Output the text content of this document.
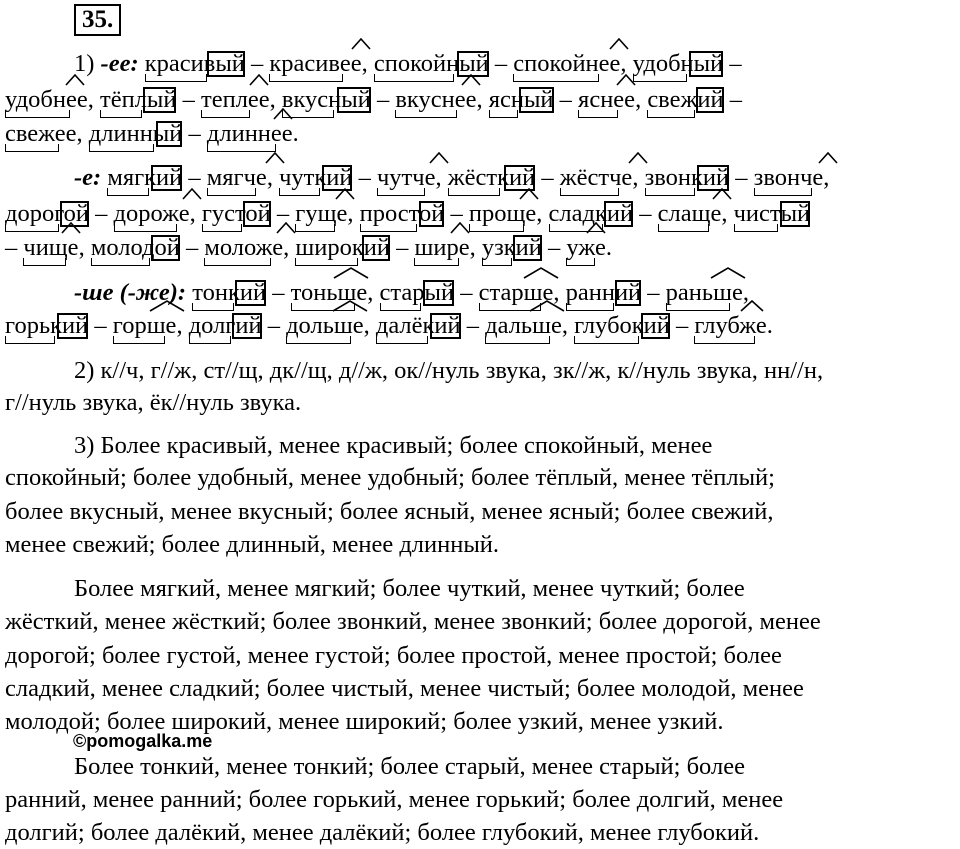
35.
1) -ее: красивый
– красивее
, спокойный
– спокойнее
, удобный
–
удобнее
, тёплый
– теплее
, вкусный
– вкуснее
, ясный
– яснее
, свежий
–
свежее
, длинный
– длиннее
.
-е: мягкий
– мягче
, чуткий
– чутче
, жёсткий
– жёстче
, звонкий
– звонче
,
дорогой
– дороже
, густой
– гуще
, простой
– проще
, сладкий
– слаще
, чистый
– чище
, молодой
– моложе
, широкий
– шире
, узкий
– уже
.
-ше (-же): тонкий
– тоньше
, старый
– старше
, ранний
– раньше
,
горький
– горше
, долгий
– дольше
, далёкий
– дальше
, глубокий
– глубже
.
2) к//ч, г//ж, ст//щ, дк//щ, д//ж, ок//нуль звука, зк//ж, к//нуль звука, нн//н,
г//нуль звука, ёк//нуль звука.
3) Более красивый, менее красивый; более спокойный, менее
спокойный; более удобный, менее удобный; более тёплый, менее тёплый;
более вкусный, менее вкусный; более ясный, менее ясный; более свежий,
менее свежий; более длинный, менее длинный.
Более мягкий, менее мягкий; более чуткий, менее чуткий; более
жёсткий, менее жёсткий; более звонкий, менее звонкий; более дорогой, менее
дорогой; более густой, менее густой; более простой, менее простой; более
сладкий, менее сладкий; более чистый, менее чистый; более молодой, менее
молодой; более широкий, менее широкий; более узкий, менее узкий.
©pomogalka.me
Более тонкий, менее тонкий; более старый, менее старый; более
ранний, менее ранний; более горький, менее горький; более долгий, менее
долгий; более далёкий, менее далёкий; более глубокий, менее глубокий.
